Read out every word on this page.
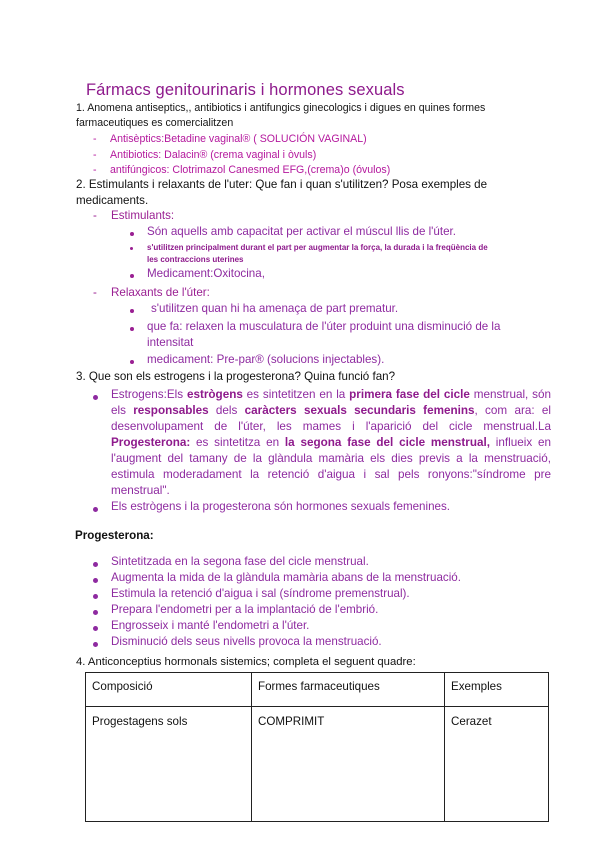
Fármacs genitourinaris i hormones sexuals
1. Anomena antiseptics,, antibiotics i antifungics ginecologics i digues en quines formes farmaceutiques es comercialitzen
- Antisèptics:Betadine vaginal® ( SOLUCIÓN VAGINAL)
- Antibiotics: Dalacin® (crema vaginal i òvuls)
- antifúngicos: Clotrimazol Canesmed EFG,(crema)o (óvulos)
2. Estimulants i relaxants de l'uter: Que fan i quan s'utilitzen? Posa exemples de
medicaments.
- Estimulants:
Són aquells amb capacitat per activar el múscul llis de l'úter.
s'utilitzen principalment durant el part per augmentar la força, la durada i la freqüència de
les contraccions uterines
Medicament:Oxitocina,
- Relaxants de l'úter:
s'utilitzen quan hi ha amenaça de part prematur.
que fa: relaxen la musculatura de l'úter produint una disminució de la
intensitat
medicament: Pre-par® (solucions injectables).
3. Que son els estrogens i la progesterona? Quina funció fan?
Estrogens:Els estrògens es sintetitzen en la primera fase del cicle menstrual, són els responsables dels caràcters sexuals secundaris femenins, com ara: el desenvolupament de l'úter, les mames i l'aparició del cicle menstrual.La Progesterona: es sintetitza en la segona fase del cicle menstrual, influeix en l'augment del tamany de la glàndula mamària els dies previs a la menstruació, estimula moderadament la retenció d'aigua i sal pels ronyons:"síndrome pre menstrual".
Els estrògens i la progesterona són hormones sexuals femenines.
Progesterona:
Sintetitzada en la segona fase del cicle menstrual.
Augmenta la mida de la glàndula mamària abans de la menstruació.
Estimula la retenció d'aigua i sal (síndrome premenstrual).
Prepara l'endometri per a la implantació de l'embrió.
Engrosseix i manté l'endometri a l'úter.
Disminució dels seus nivells provoca la menstruació.
4. Anticonceptius hormonals sistemics; completa el seguent quadre:
Composició	Formes farmaceutiques	Exemples
Progestagens sols	COMPRIMIT	Cerazet
